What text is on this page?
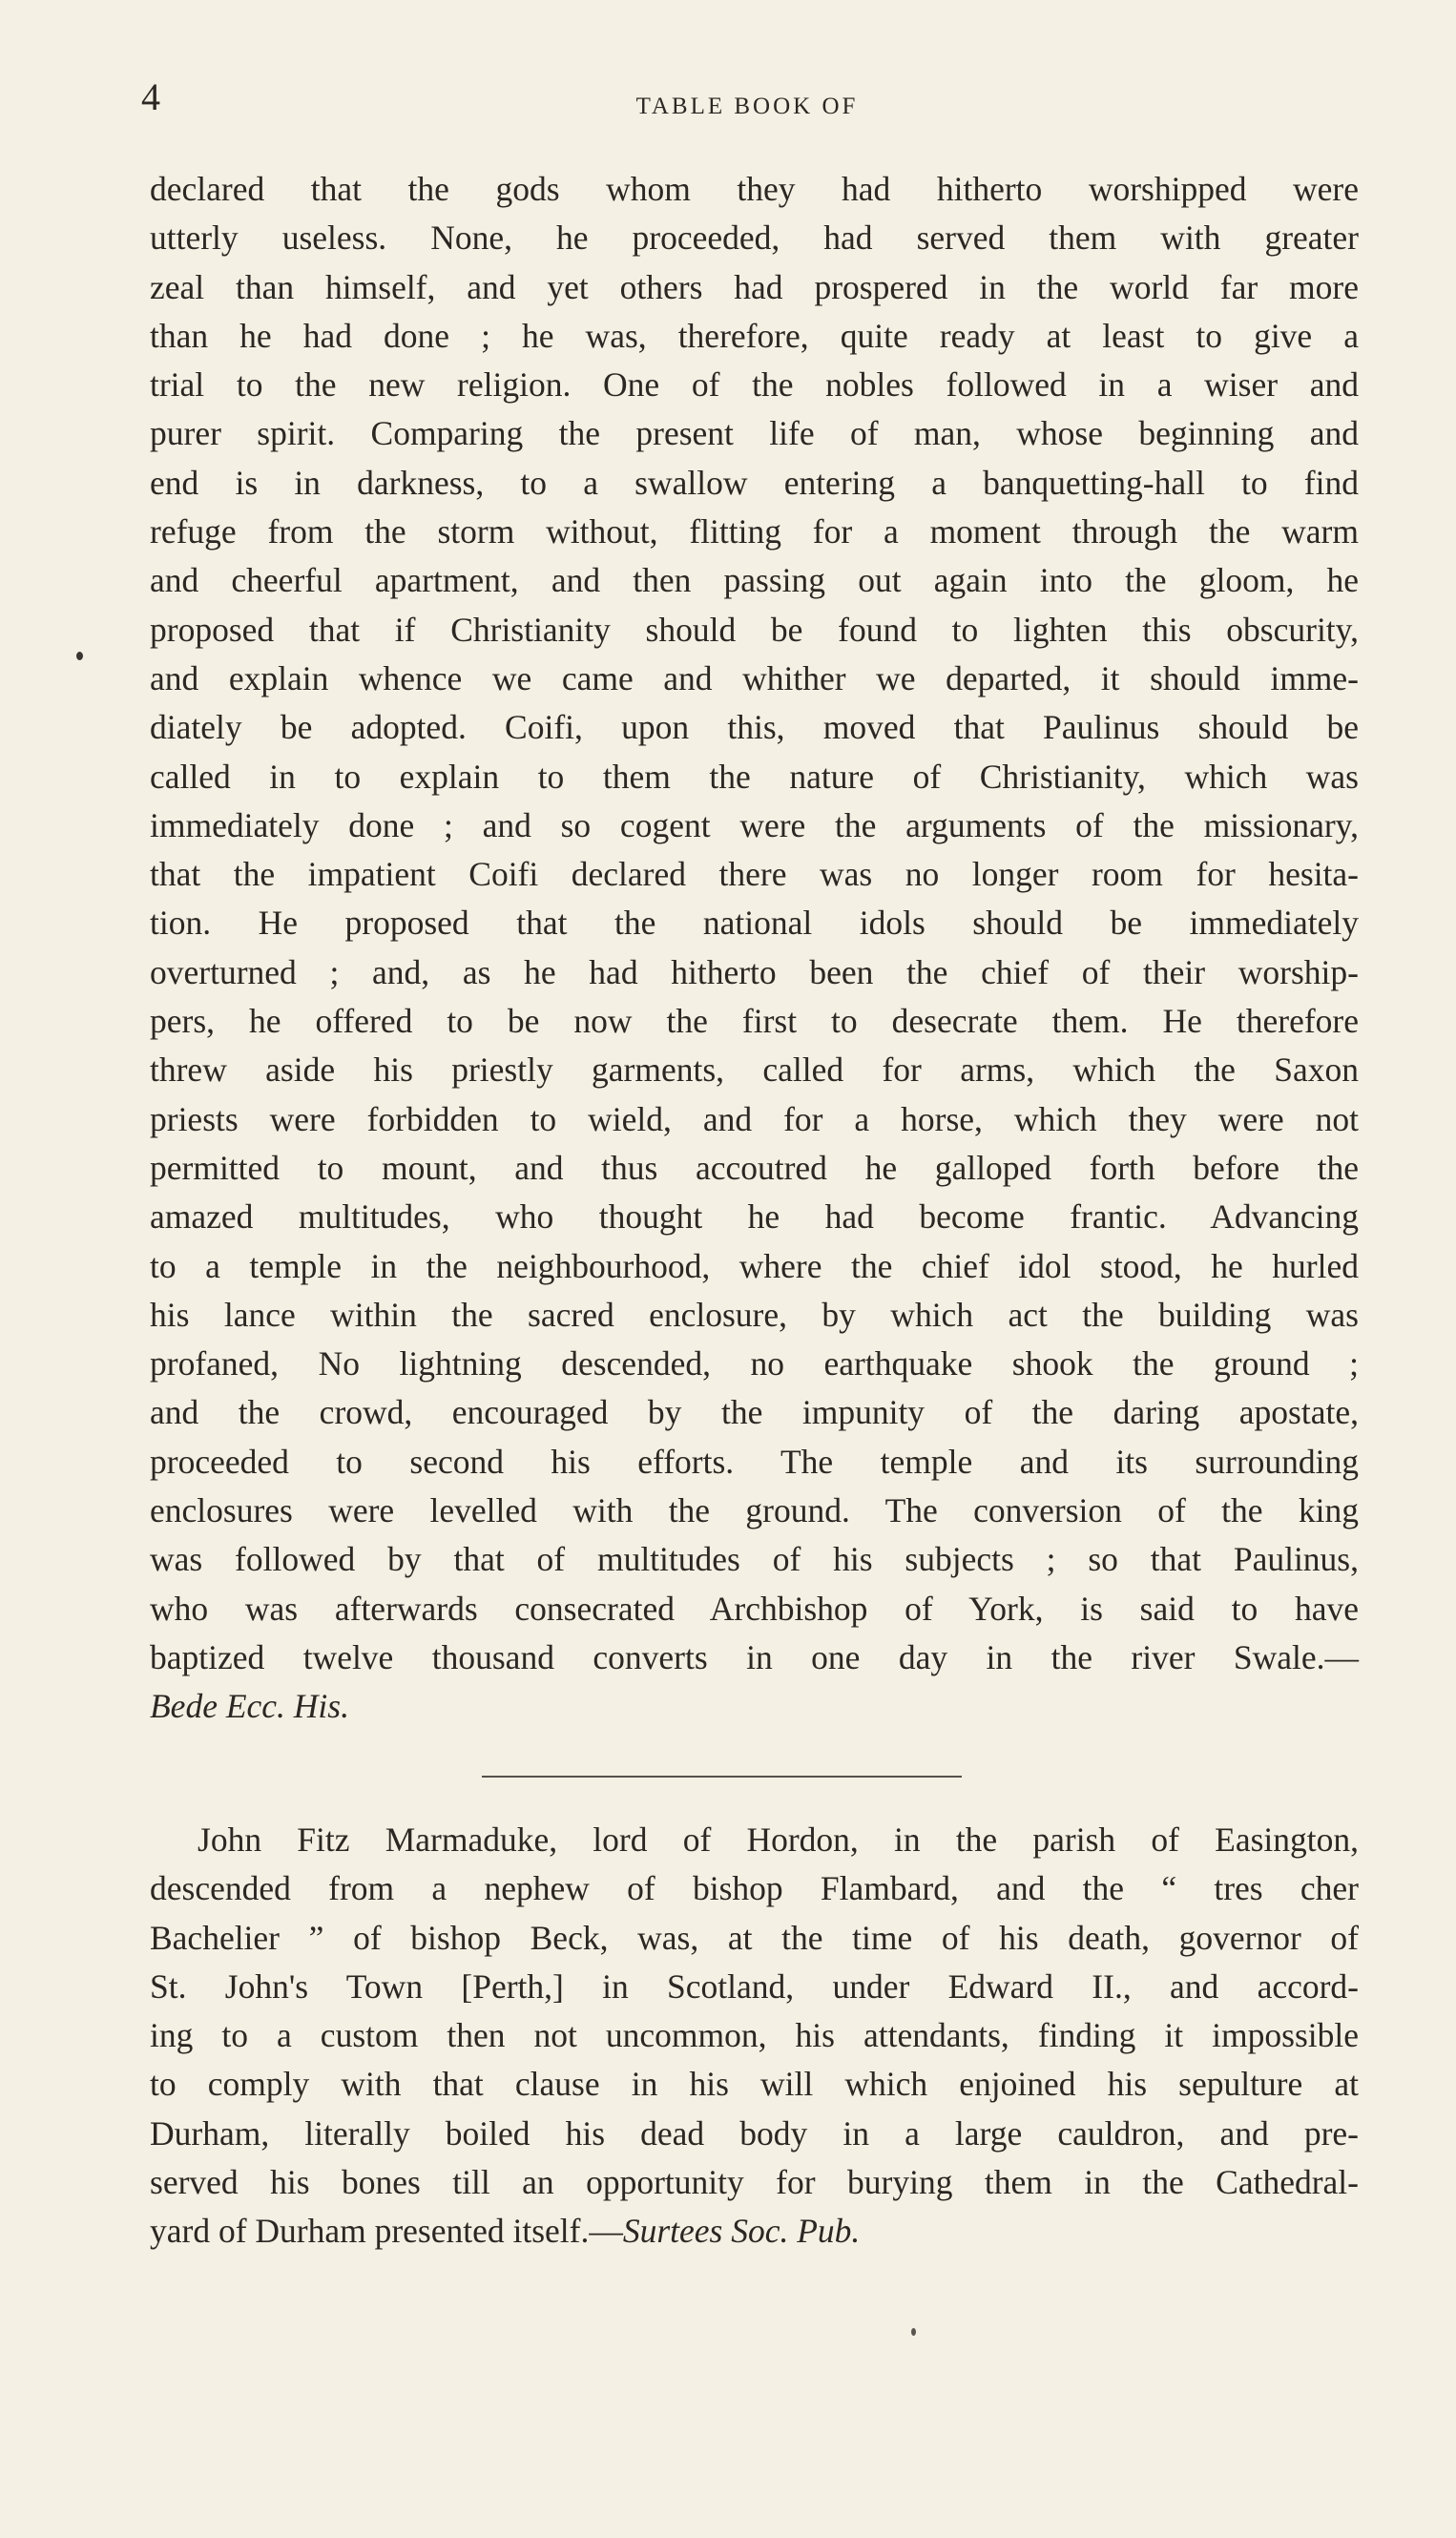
4	TABLE BOOK OF
declared that the gods whom they had hitherto worshipped were
utterly useless. None, he proceeded, had served them with greater
zeal than himself, and yet others had prospered in the world far more
than he had done ; he was, therefore, quite ready at least to give a
trial to the new religion. One of the nobles followed in a wiser and
purer spirit. Comparing the present life of man, whose beginning and
end is in darkness, to a swallow entering a banquetting-hall to find
refuge from the storm without, flitting for a moment through the warm
and cheerful apartment, and then passing out again into the gloom, he
proposed that if Christianity should be found to lighten this obscurity,
and explain whence we came and whither we departed, it should imme-
diately be adopted. Coifi, upon this, moved that Paulinus should be
called in to explain to them the nature of Christianity, which was
immediately done ; and so cogent were the arguments of the missionary,
that the impatient Coifi declared there was no longer room for hesita-
tion. He proposed that the national idols should be immediately
overturned ; and, as he had hitherto been the chief of their worship-
pers, he offered to be now the first to desecrate them. He therefore
threw aside his priestly garments, called for arms, which the Saxon
priests were forbidden to wield, and for a horse, which they were not
permitted to mount, and thus accoutred he galloped forth before the
amazed multitudes, who thought he had become frantic. Advancing
to a temple in the neighbourhood, where the chief idol stood, he hurled
his lance within the sacred enclosure, by which act the building was
profaned, No lightning descended, no earthquake shook the ground ;
and the crowd, encouraged by the impunity of the daring apostate,
proceeded to second his efforts. The temple and its surrounding
enclosures were levelled with the ground. The conversion of the king
was followed by that of multitudes of his subjects ; so that Paulinus,
who was afterwards consecrated Archbishop of York, is said to have
baptized twelve thousand converts in one day in the river Swale.—
Bede Ecc. His.
John Fitz Marmaduke, lord of Hordon, in the parish of Easington,
descended from a nephew of bishop Flambard, and the “ tres cher
Bachelier ” of bishop Beck, was, at the time of his death, governor of
St. John's Town [Perth,] in Scotland, under Edward II., and accord-
ing to a custom then not uncommon, his attendants, finding it impossible
to comply with that clause in his will which enjoined his sepulture at
Durham, literally boiled his dead body in a large cauldron, and pre-
served his bones till an opportunity for burying them in the Cathedral-
yard of Durham presented itself.—Surtees Soc. Pub.
